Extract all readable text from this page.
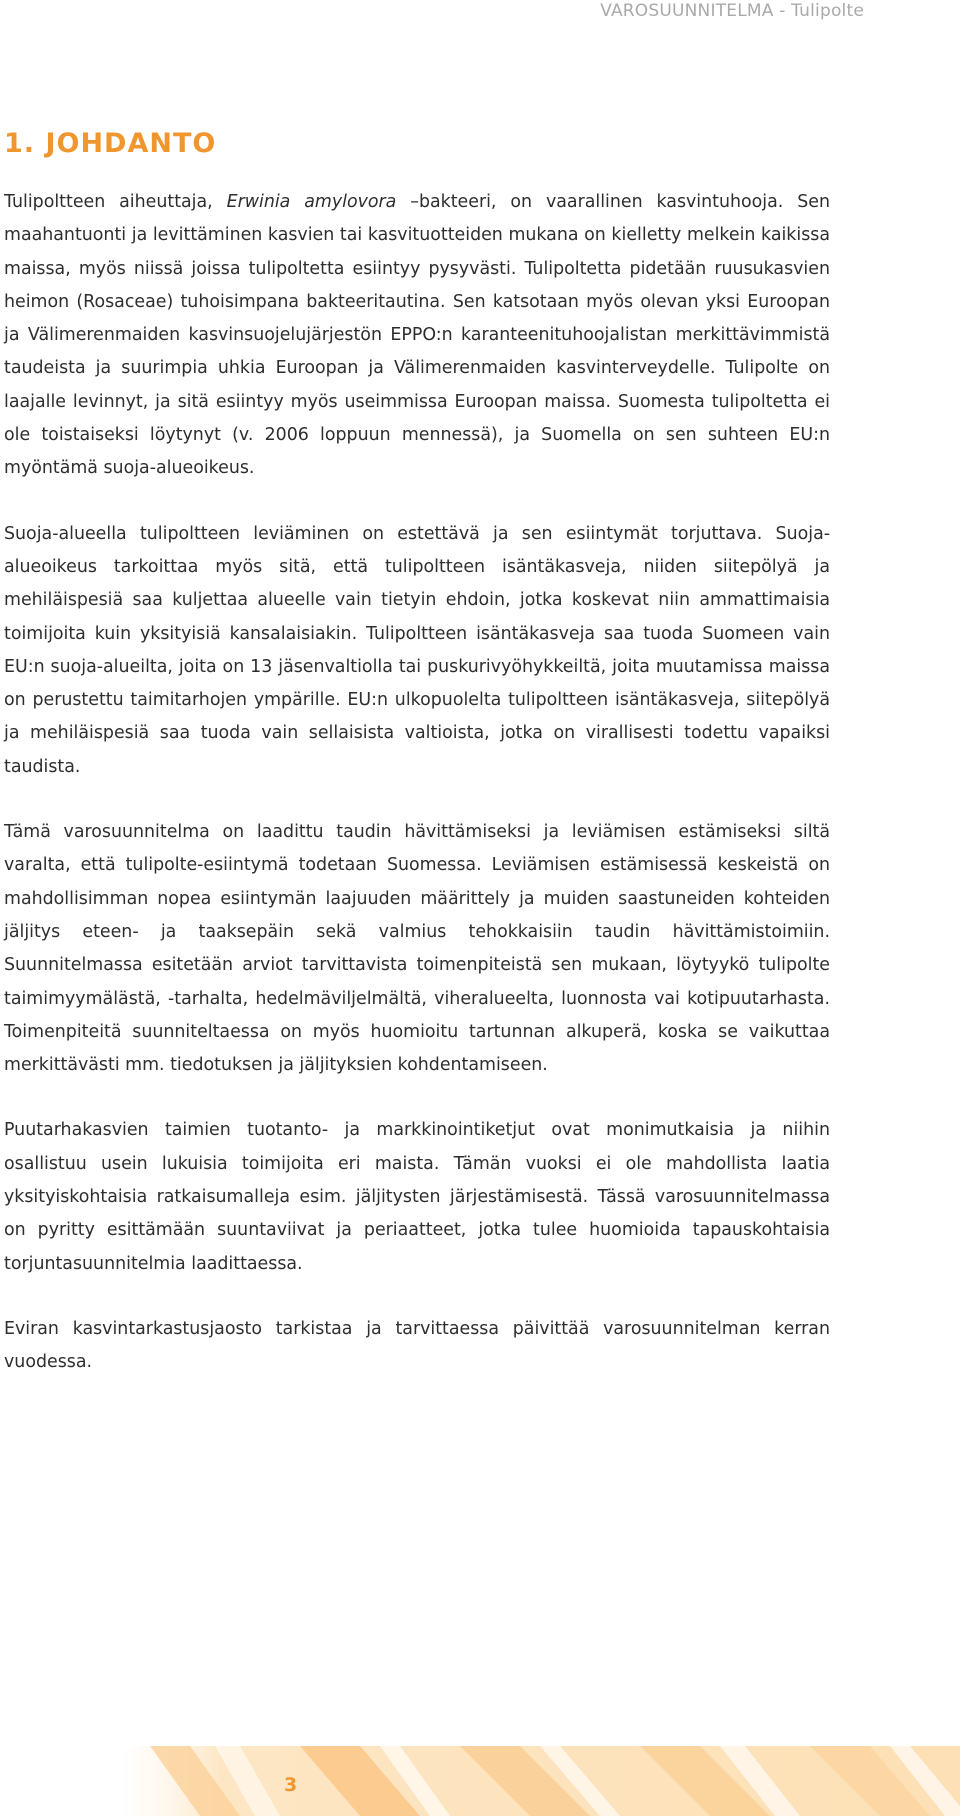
VAROSUUNNITELMA - Tulipolte
1. JOHDANTO

Tulipoltteen aiheuttaja, Erwinia amylovora –bakteeri, on vaarallinen kasvintuhooja. Sen maahantuonti ja levittäminen kasvien tai kasvituotteiden mukana on kielletty melkein kaikissa maissa, myös niissä joissa tulipoltetta esiintyy pysyvästi. Tulipoltetta pidetään ruusukasvien heimon (Rosaceae) tuhoisimpana bakteeritautina. Sen katsotaan myös olevan yksi Euroopan ja Välimerenmaiden kasvinsuojelujärjestön EPPO:n karanteenituhoojalistan merkittävimmistä taudeista ja suurimpia uhkia Euroopan ja Välimerenmaiden kasvinterveydelle. Tulipolte on laajalle levinnyt, ja sitä esiintyy myös useimmissa Euroopan maissa. Suomesta tulipoltetta ei ole toistaiseksi löytynyt (v. 2006 loppuun mennessä), ja Suomella on sen suhteen EU:n myöntämä suoja-alueoikeus.

Suoja-alueella tulipoltteen leviäminen on estettävä ja sen esiintymät torjuttava. Suoja-alueoikeus tarkoittaa myös sitä, että tulipoltteen isäntäkasveja, niiden siitepölyä ja mehiläispesiä saa kuljettaa alueelle vain tietyin ehdoin, jotka koskevat niin ammattimaisia toimijoita kuin yksityisiä kansalaisiakin. Tulipoltteen isäntäkasveja saa tuoda Suomeen vain EU:n suoja-alueilta, joita on 13 jäsenvaltiolla tai puskurivyöhykkeiltä, joita muutamissa maissa on perustettu taimitarhojen ympärille. EU:n ulkopuolelta tulipoltteen isäntäkasveja, siitepölyä ja mehiläispesiä saa tuoda vain sellaisista valtioista, jotka on virallisesti todettu vapaiksi taudista.

Tämä varosuunnitelma on laadittu taudin hävittämiseksi ja leviämisen estämiseksi siltä varalta, että tulipolte-esiintymä todetaan Suomessa. Leviämisen estämisessä keskeistä on mahdollisimman nopea esiintymän laajuuden määrittely ja muiden saastuneiden kohteiden jäljitys eteen- ja taaksepäin sekä valmius tehokkaisiin taudin hävittämistoimiin. Suunnitelmassa esitetään arviot tarvittavista toimenpiteistä sen mukaan, löytyykö tulipolte taimimyymälästä, -tarhalta, hedelmäviljelmältä, viheralueelta, luonnosta vai kotipuutarhasta. Toimenpiteitä suunniteltaessa on myös huomioitu tartunnan alkuperä, koska se vaikuttaa merkittävästi mm. tiedotuksen ja jäljityksien kohdentamiseen.

Puutarhakasvien taimien tuotanto- ja markkinointiketjut ovat monimutkaisia ja niihin osallistuu usein lukuisia toimijoita eri maista. Tämän vuoksi ei ole mahdollista laatia yksityiskohtaisia ratkaisumalleja esim. jäljitysten järjestämisestä. Tässä varosuunnitelmassa on pyritty esittämään suuntaviivat ja periaatteet, jotka tulee huomioida tapauskohtaisia torjuntasuunnitelmia laadittaessa.

Eviran kasvintarkastusjaosto tarkistaa ja tarvittaessa päivittää varosuunnitelman kerran vuodessa.

3
